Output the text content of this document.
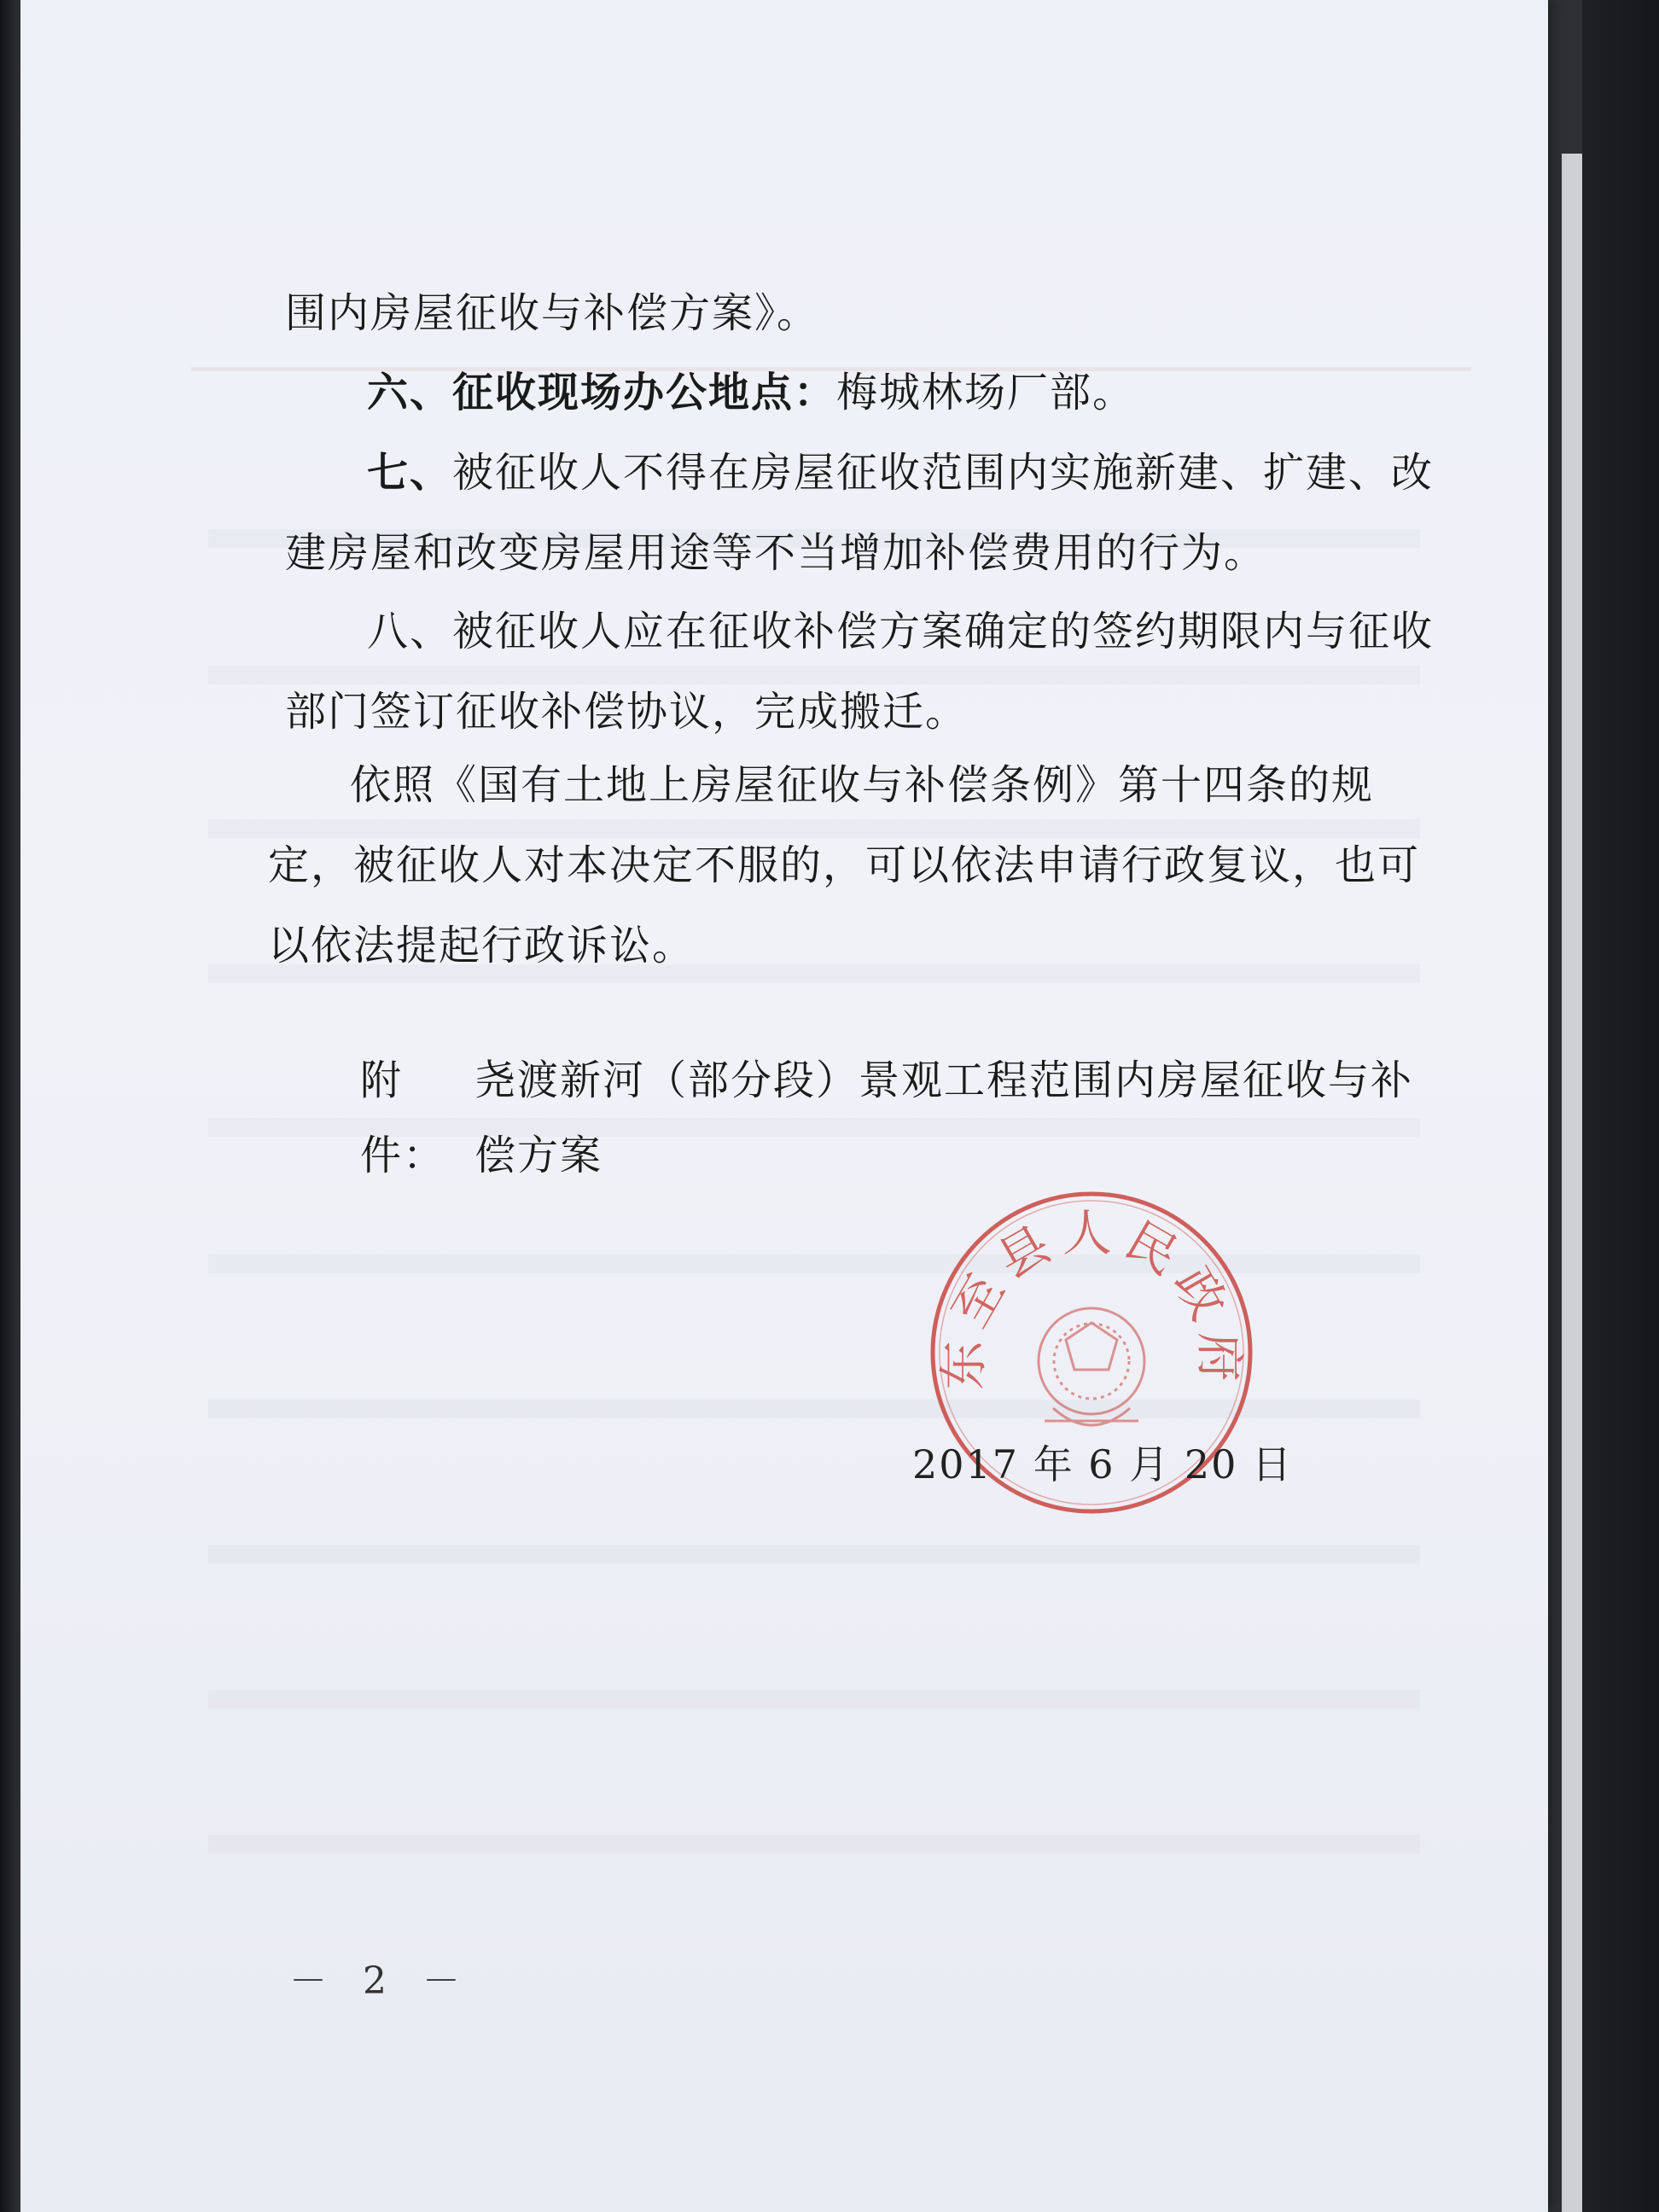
围内房屋征收与补偿方案》。

六、征收现场办公地点：梅城林场厂部。

七、被征收人不得在房屋征收范围内实施新建、扩建、改建房屋和改变房屋用途等不当增加补偿费用的行为。

八、被征收人应在征收补偿方案确定的签约期限内与征收部门签订征收补偿协议，完成搬迁。

依照《国有土地上房屋征收与补偿条例》第十四条的规定，被征收人对本决定不服的，可以依法申请行政复议，也可以依法提起行政诉讼。

附件：
尧渡新河（部分段）景观工程范围内房屋征收与补偿方案
东至县人民政府
2017 年 6 月 20 日
－ 2 －
